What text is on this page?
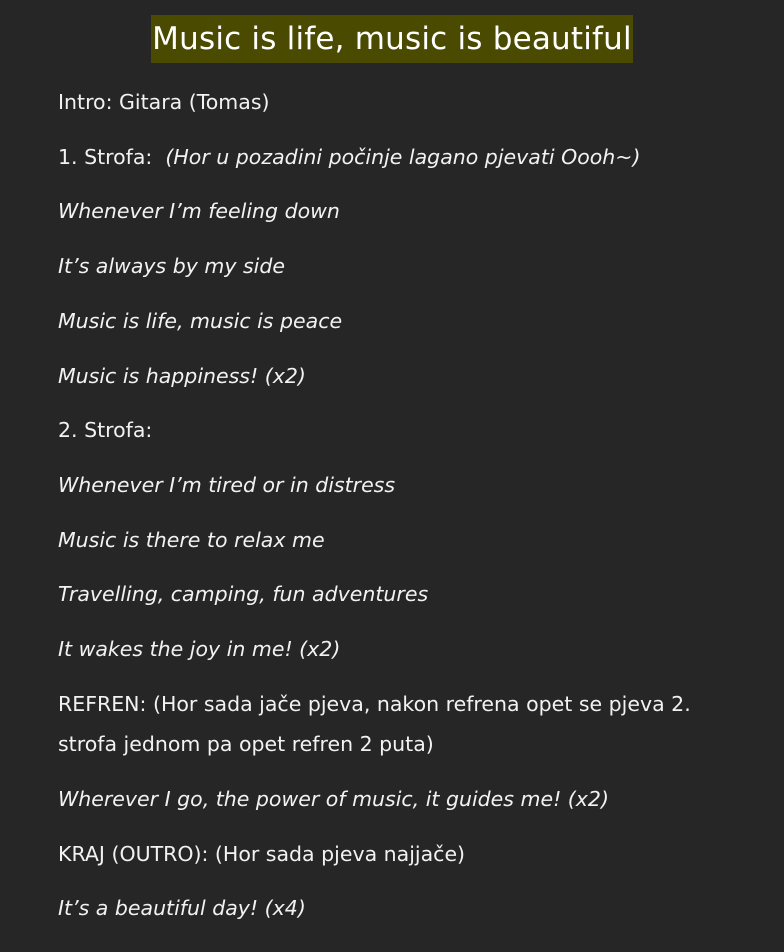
Music is life, music is beautiful
Intro: Gitara (Tomas)
1. Strofa: (Hor u pozadini počinje lagano pjevati Oooh~)
Whenever I’m feeling down
It’s always by my side
Music is life, music is peace
Music is happiness! (x2)
2. Strofa:
Whenever I’m tired or in distress
Music is there to relax me
Travelling, camping, fun adventures
It wakes the joy in me! (x2)
REFREN: (Hor sada jače pjeva, nakon refrena opet se pjeva 2. strofa jednom pa opet refren 2 puta)
Wherever I go, the power of music, it guides me! (x2)
KRAJ (OUTRO): (Hor sada pjeva najjače)
It’s a beautiful day! (x4)
